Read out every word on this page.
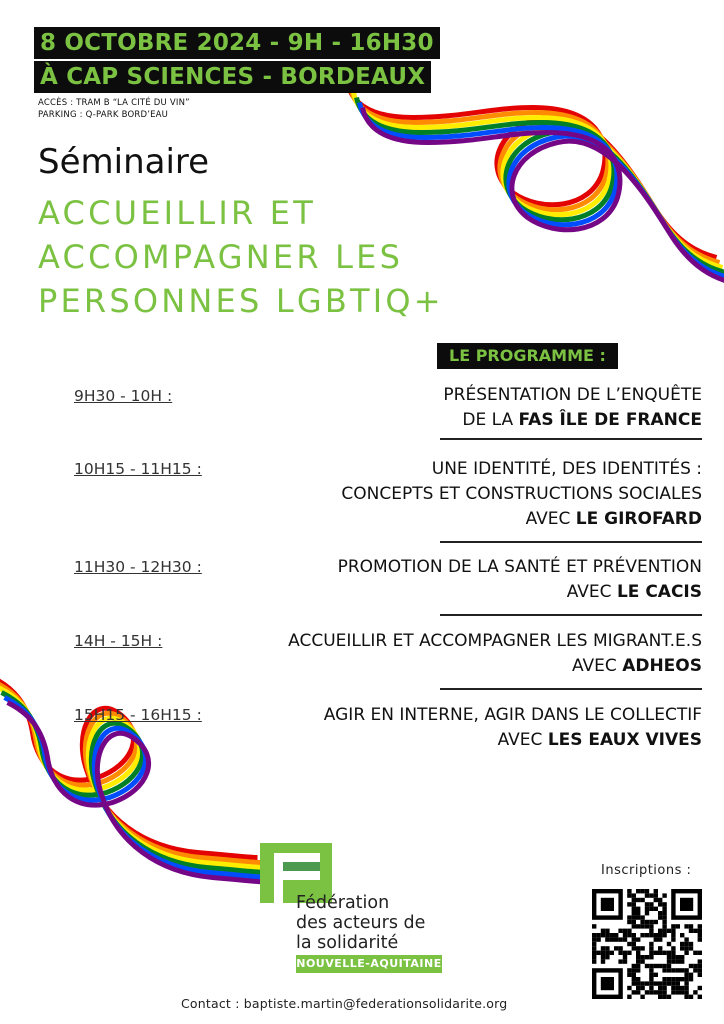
8 OCTOBRE 2024 - 9H - 16H30
À CAP SCIENCES - BORDEAUX
ACCÈS : TRAM B “LA CITÉ DU VIN”
PARKING : Q-PARK BORD’EAU
Séminaire
ACCUEILLIR ET
ACCOMPAGNER LES
PERSONNES LGBTIQ+
LE PROGRAMME :
9H30 - 10H :	PRÉSENTATION DE L’ENQUÊTE
DE LA FAS ÎLE DE FRANCE
10H15 - 11H15 :	UNE IDENTITÉ, DES IDENTITÉS :
CONCEPTS ET CONSTRUCTIONS SOCIALES
AVEC LE GIROFARD
11H30 - 12H30 :	PROMOTION DE LA SANTÉ ET PRÉVENTION
AVEC LE CACIS
14H - 15H :	ACCUEILLIR ET ACCOMPAGNER LES MIGRANT.E.S
AVEC ADHEOS
15H15 - 16H15 :	AGIR EN INTERNE, AGIR DANS LE COLLECTIF
AVEC LES EAUX VIVES
Fédération
des acteurs de
la solidarité
NOUVELLE-AQUITAINE
Inscriptions :
Contact : baptiste.martin@federationsolidarite.org
